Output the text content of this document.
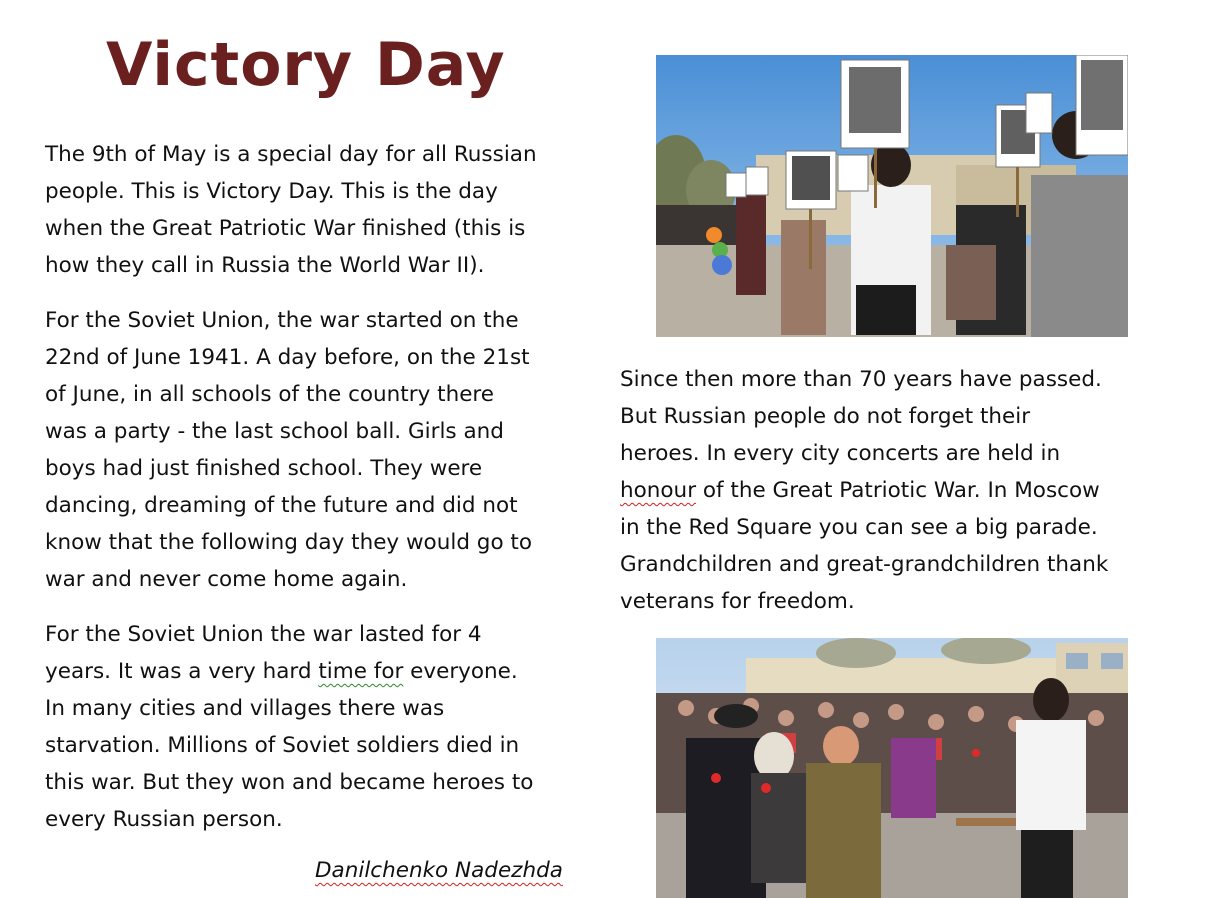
Victory Day

The 9th of May is a special day for all Russian
people. This is Victory Day. This is the day
when the Great Patriotic War finished (this is
how they call in Russia the World War II).

For the Soviet Union, the war started on the
22nd of June 1941. A day before, on the 21st
of June, in all schools of the country there
was a party - the last school ball. Girls and
boys had just finished school. They were
dancing, dreaming of the future and did not
know that the following day they would go to
war and never come home again.

For the Soviet Union the war lasted for 4
years. It was a very hard time for everyone.
In many cities and villages there was
starvation. Millions of Soviet soldiers died in
this war. But they won and became heroes to
every Russian person.

Since then more than 70 years have passed.
But Russian people do not forget their
heroes. In every city concerts are held in
honour of the Great Patriotic War. In Moscow
in the Red Square you can see a big parade.
Grandchildren and great-grandchildren thank
veterans for freedom.

Danilchenko Nadezhda
